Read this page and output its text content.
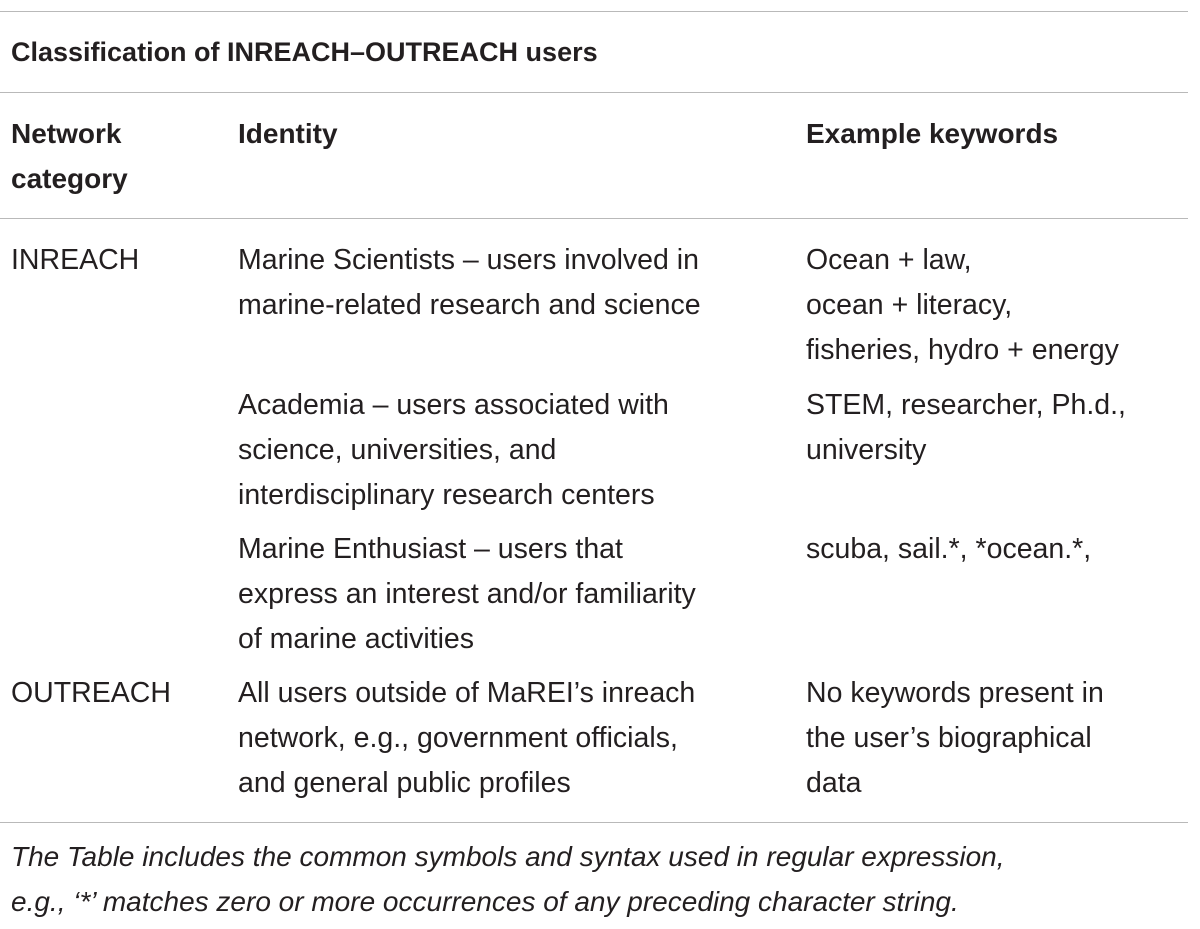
Classification of INREACH–OUTREACH users
Network
category
Identity	Example keywords
INREACH	Marine Scientists – users involved in
marine-related research and science
Ocean + law,
ocean + literacy,
fisheries, hydro + energy
Academia – users associated with
science, universities, and
interdisciplinary research centers
STEM, researcher, Ph.d.,
university
Marine Enthusiast – users that
express an interest and/or familiarity
of marine activities
scuba, sail.*, *ocean.*,
OUTREACH All users outside of MaREI’s inreach
network, e.g., government officials,
and general public profiles
No keywords present in
the user’s biographical
data
The Table includes the common symbols and syntax used in regular expression,
e.g., ‘*’ matches zero or more occurrences of any preceding character string.
